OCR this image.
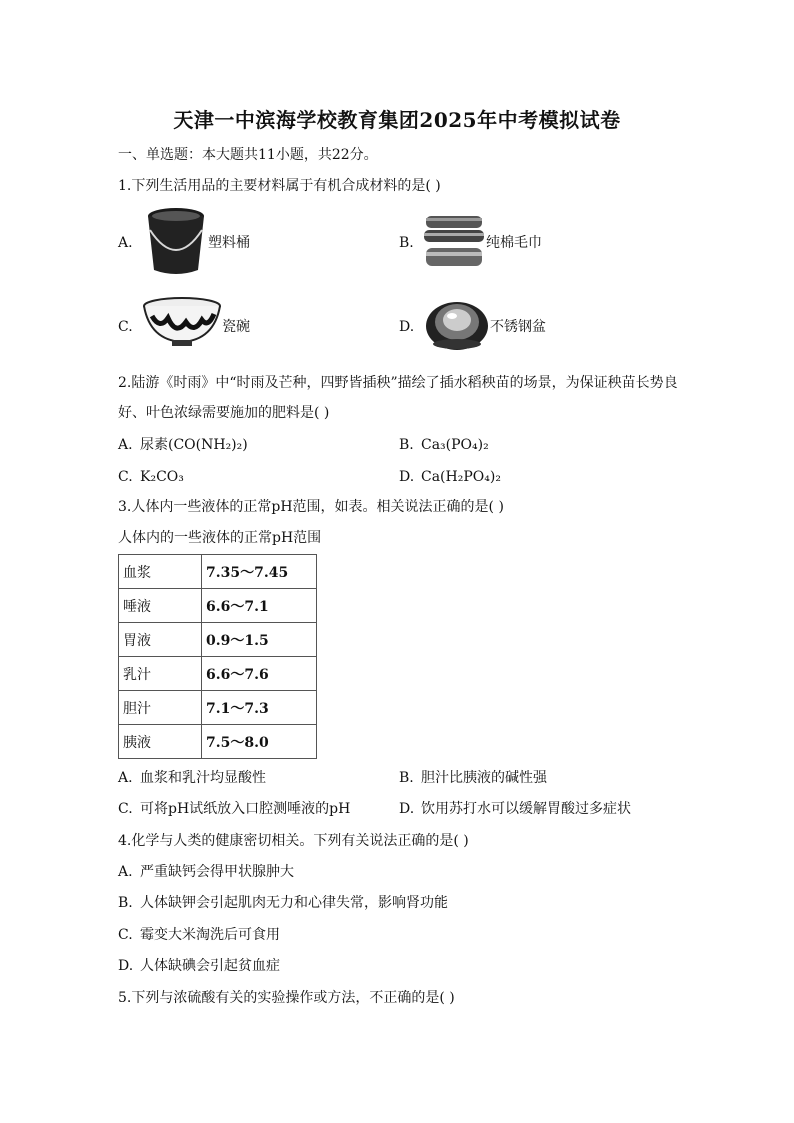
天津一中滨海学校教育集团2025年中考模拟试卷
一、单选题：本大题共11小题，共22分。
1.下列生活用品的主要材料属于有机合成材料的是( )
A.	塑料桶	B.	纯棉毛巾
C.	瓷碗	D.	不锈钢盆
2.陆游《时雨》中“时雨及芒种，四野皆插秧”描绘了插水稻秧苗的场景，为保证秧苗长势良
好、叶色浓绿需要施加的肥料是( )
A. 尿素(CO(NH₂)₂)	B. Ca₃(PO₄)₂
C. K₂CO₃	D. Ca(H₂PO₄)₂
3.人体内一些液体的正常pH范围，如表。相关说法正确的是( )
人体内的一些液体的正常pH范围
血浆	7.35～7.45
唾液	6.6～7.1
胃液	0.9～1.5
乳汁	6.6～7.6
胆汁	7.1～7.3
胰液	7.5～8.0
A. 血浆和乳汁均显酸性	B. 胆汁比胰液的碱性强
C. 可将pH试纸放入口腔测唾液的pH	D. 饮用苏打水可以缓解胃酸过多症状
4.化学与人类的健康密切相关。下列有关说法正确的是( )
A. 严重缺钙会得甲状腺肿大
B. 人体缺钾会引起肌肉无力和心律失常，影响肾功能
C. 霉变大米淘洗后可食用
D. 人体缺碘会引起贫血症
5.下列与浓硫酸有关的实验操作或方法，不正确的是( )
